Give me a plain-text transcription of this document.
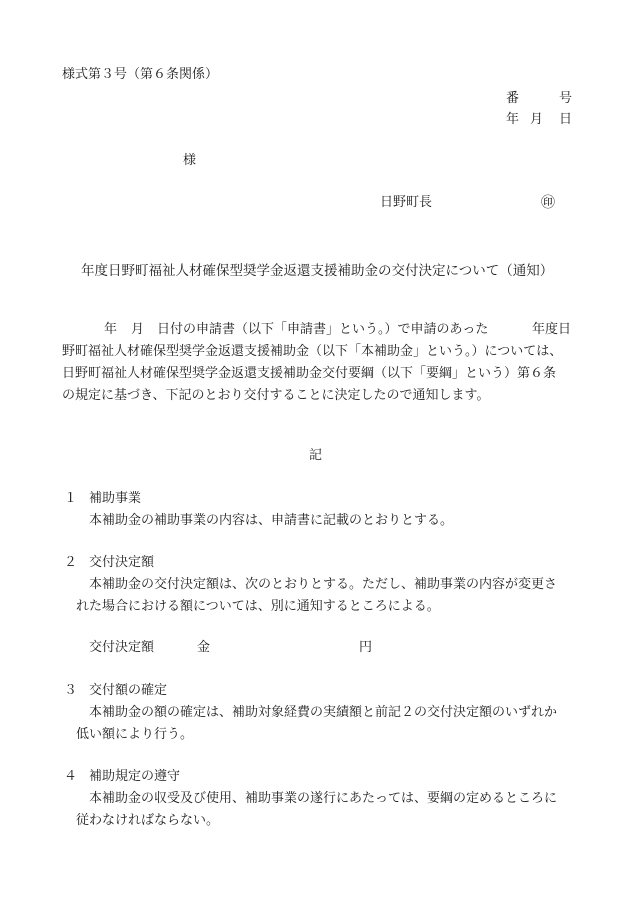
様式第３号（第６条関係）
番	号
年 月 日
様
日野町長	㊞
年度日野町福祉人材確保型奨学金返還支援補助金の交付決定について（通知）
年 月 日付の申請書（以下「申請書」という。）で申請のあった	年度日
野町福祉人材確保型奨学金返還支援補助金（以下「本補助金」という。）については、
日野町福祉人材確保型奨学金返還支援補助金交付要綱（以下「要綱」という）第６条
の規定に基づき、下記のとおり交付することに決定したので通知します。
記
１ 補助事業
本補助金の補助事業の内容は、申請書に記載のとおりとする。
２ 交付決定額
本補助金の交付決定額は、次のとおりとする。ただし、補助事業の内容が変更さ
れた場合における額については、別に通知するところによる。
交付決定額	金	円
３ 交付額の確定
本補助金の額の確定は、補助対象経費の実績額と前記２の交付決定額のいずれか
低い額により行う。
４ 補助規定の遵守
本補助金の収受及び使用、補助事業の遂行にあたっては、要綱の定めるところに
従わなければならない。
